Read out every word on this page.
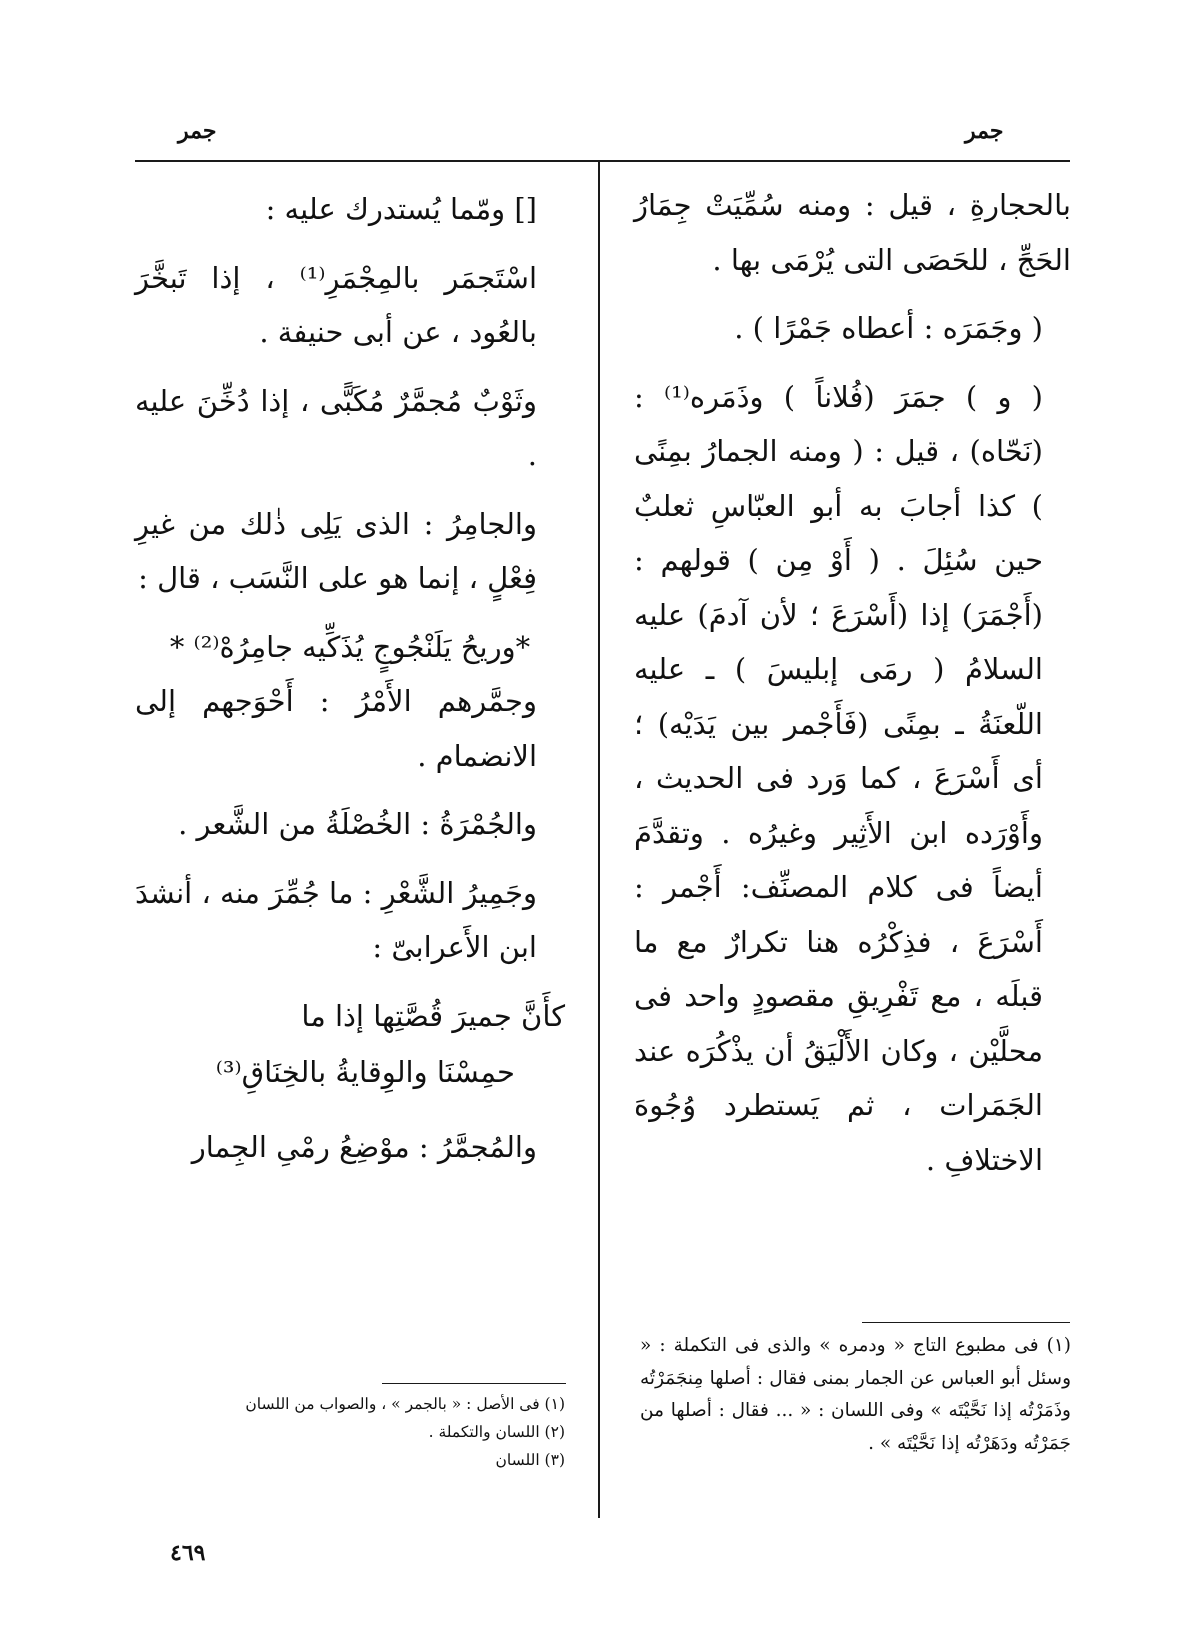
جمر
جمر

بالحجارةِ ، قيل : ومنه سُمِّيَتْ جِمَارُ الحَجِّ ، للحَصَى التى يُرْمَى بها .

( وجَمَرَه : أعطاه جَمْرًا ) .

( و ) جمَرَ (فُلاناً ) وذَمَره⁽¹⁾ : (نَحّاه) ، قيل : ( ومنه الجمارُ بمِنًى ) كذا أجابَ به أبو العبّاسِ ثعلبٌ حين سُئِلَ . ( أَوْ مِن ) قولهم : (أَجْمَرَ) إذا (أَسْرَعَ ؛ لأن آدمَ) عليه السلامُ ( رمَى إبليسَ ) ـ عليه اللّعنَةُ ـ بمِنًى (فَأَجْمر بين يَدَيْه) ؛ أى أَسْرَعَ ، كما وَرد فى الحديث ، وأَوْرَده ابن الأَثِير وغيرُه . وتقدَّمَ أيضاً فى كلام المصنِّف: أَجْمر : أَسْرَعَ ، فذِكْرُه هنا تكرارٌ مع ما قبلَه ، مع تَفْرِيقِ مقصودٍ واحد فى محلَّيْن ، وكان الأَلْيَقُ أن يذْكُرَه عند الجَمَرات ، ثم يَستطرد وُجُوهَ الاختلافِ .

[] ومّما يُستدرك عليه :

اسْتَجمَر بالمِجْمَرِ⁽¹⁾ ، إذا تَبخَّرَ بالعُود ، عن أبى حنيفة .

وثَوْبٌ مُجمَّرٌ مُكَبًّى ، إذا دُخِّنَ عليه .

والجامِرُ : الذى يَلِى ذٰلك من غيرِ فِعْلٍ ، إنما هو على النَّسَب ، قال :

*وريحُ يَلَنْجُوجٍ يُذَكِّيه جامِرُهْ⁽²⁾ *

وجمَّرهم الأَمْرُ : أَحْوَجهم إلى الانضمام .

والجُمْرَةُ : الخُصْلَةُ من الشَّعر .

وجَمِيرُ الشَّعْرِ : ما جُمِّرَ منه ، أنشدَ ابن الأَعرابىّ :

كأَنَّ جميرَ قُصَّتِها إذا ما

حمِسْنَا والوِقايةُ بالخِنَاقِ⁽³⁾

والمُجمَّرُ : موْضِعُ رمْىِ الجِمار

(١) فى مطبوع التاج « ودمره » والذى فى التكملة : « وسئل أبو العباس عن الجمار بمنى فقال : أصلها مِنجَمَرْتُه وذَمَرْتُه إذا نَحَّيْتَه » وفى اللسان : « ... فقال : أصلها من جَمَرْتُه ودَهَرْتُه إذا نَحَّيْتَه » .

(١) فى الأصل : « بالجمر » ، والصواب من اللسان

(٢) اللسان والتكملة .

(٣) اللسان

٤٦٩
